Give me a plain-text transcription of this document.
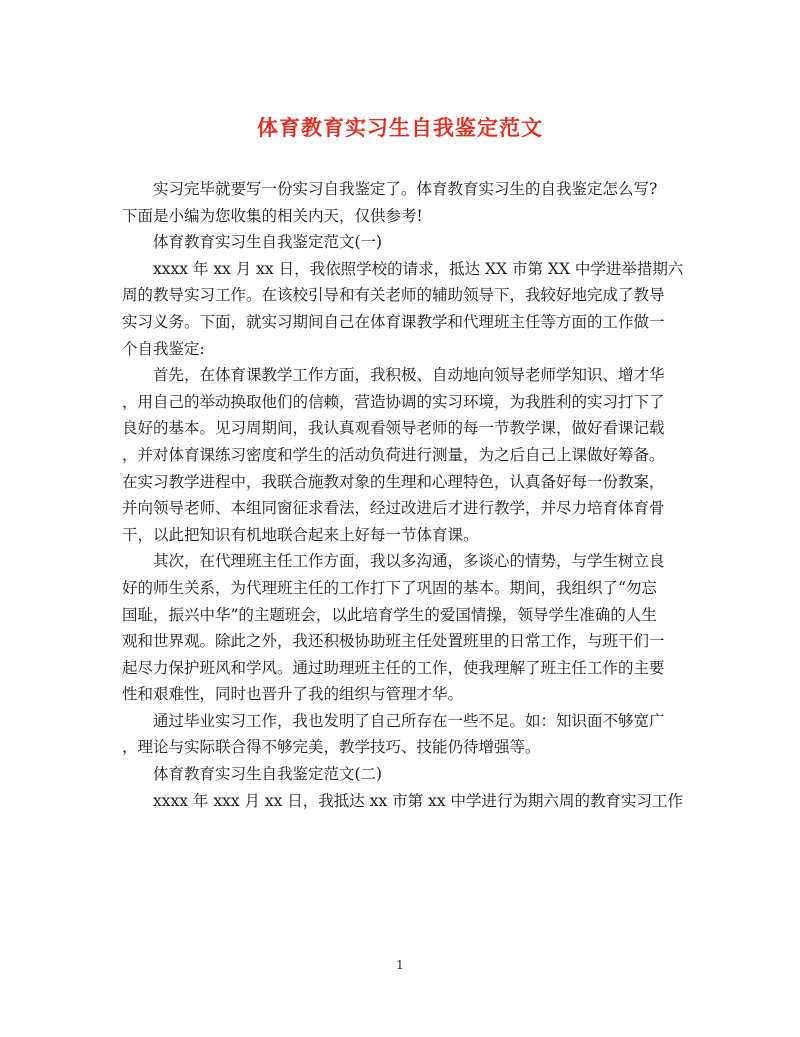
体育教育实习生自我鉴定范文
实习完毕就要写一份实习自我鉴定了。体育教育实习生的自我鉴定怎么写?
下面是小编为您收集的相关内天，仅供参考!
体育教育实习生自我鉴定范文(一)
xxxx 年 xx 月 xx 日，我依照学校的请求，抵达 XX 市第 XX 中学进举措期六
周的教导实习工作。在该校引导和有关老师的辅助领导下，我较好地完成了教导
实习义务。下面，就实习期间自己在体育课教学和代理班主任等方面的工作做一
个自我鉴定:
首先，在体育课教学工作方面，我积极、自动地向领导老师学知识、增才华
，用自己的举动换取他们的信赖，营造协调的实习环境，为我胜利的实习打下了
良好的基本。见习周期间，我认真观看领导老师的每一节教学课，做好看课记载
，并对体育课练习密度和学生的活动负荷进行测量，为之后自己上课做好筹备。
在实习教学进程中，我联合施教对象的生理和心理特色，认真备好每一份教案，
并向领导老师、本组同窗征求看法，经过改进后才进行教学，并尽力培育体育骨
干，以此把知识有机地联合起来上好每一节体育课。
其次，在代理班主任工作方面，我以多沟通，多谈心的情势，与学生树立良
好的师生关系，为代理班主任的工作打下了巩固的基本。期间，我组织了“勿忘
国耻，振兴中华”的主题班会，以此培育学生的爱国情操，领导学生准确的人生
观和世界观。除此之外，我还积极协助班主任处置班里的日常工作，与班干们一
起尽力保护班风和学风。通过助理班主任的工作，使我理解了班主任工作的主要
性和艰难性，同时也晋升了我的组织与管理才华。
通过毕业实习工作，我也发明了自己所存在一些不足。如：知识面不够宽广
，理论与实际联合得不够完美，教学技巧、技能仍待增强等。
体育教育实习生自我鉴定范文(二)
xxxx 年 xxx 月 xx 日，我抵达 xx 市第 xx 中学进行为期六周的教育实习工作
1
